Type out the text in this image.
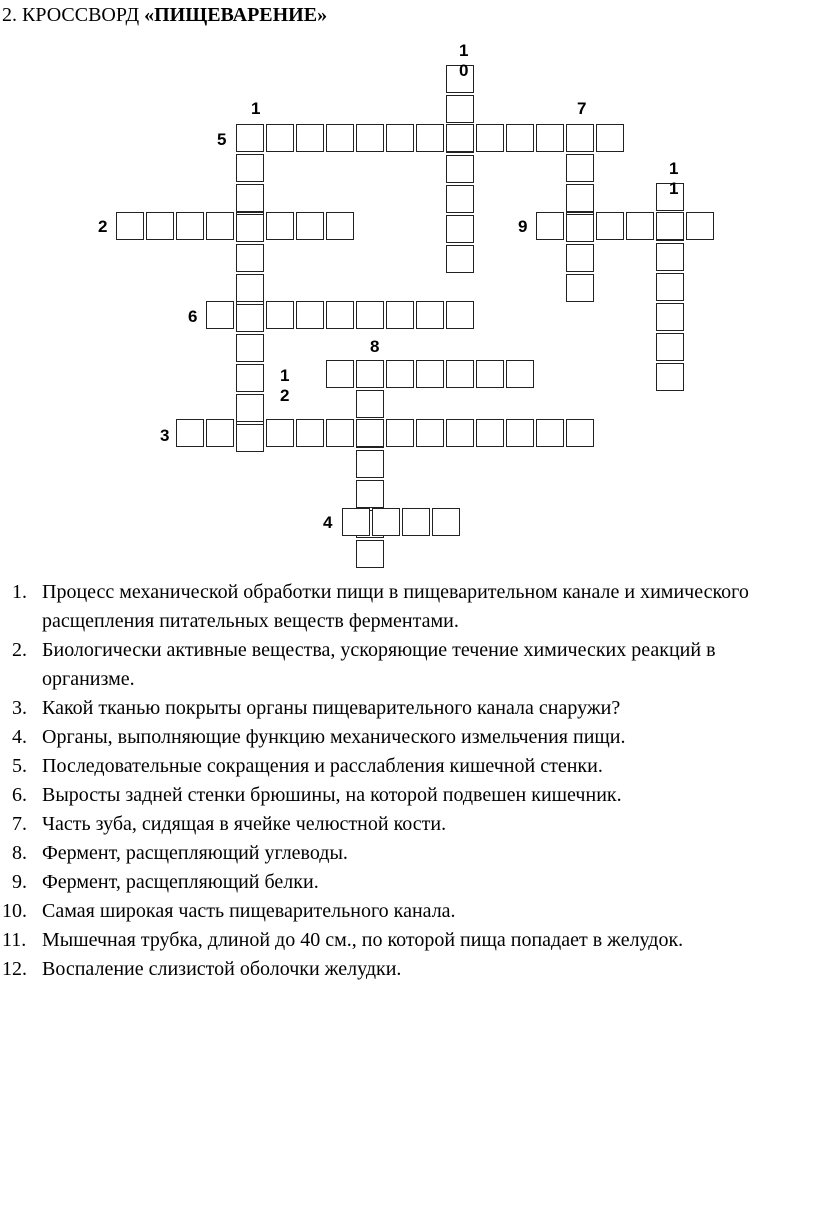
2. КРОССВОРД «ПИЩЕВАРЕНИЕ»
1
2
3
4
5
6
7
8
9
1 0
1 1
1 2
1. Процесс механической обработки пищи в пищеварительном канале и химического расщепления питательных веществ ферментами.
2. Биологически активные вещества, ускоряющие течение химических реакций в организме.
3. Какой тканью покрыты органы пищеварительного канала снаружи?
4. Органы, выполняющие функцию механического измельчения пищи.
5. Последовательные сокращения и расслабления кишечной стенки.
6. Выросты задней стенки брюшины, на которой подвешен кишечник.
7. Часть зуба, сидящая в ячейке челюстной кости.
8. Фермент, расщепляющий углеводы.
9. Фермент, расщепляющий белки.
10. Самая широкая часть пищеварительного канала.
11. Мышечная трубка, длиной до 40 см., по которой пища попадает в желудок.
12. Воспаление слизистой оболочки желудки.
